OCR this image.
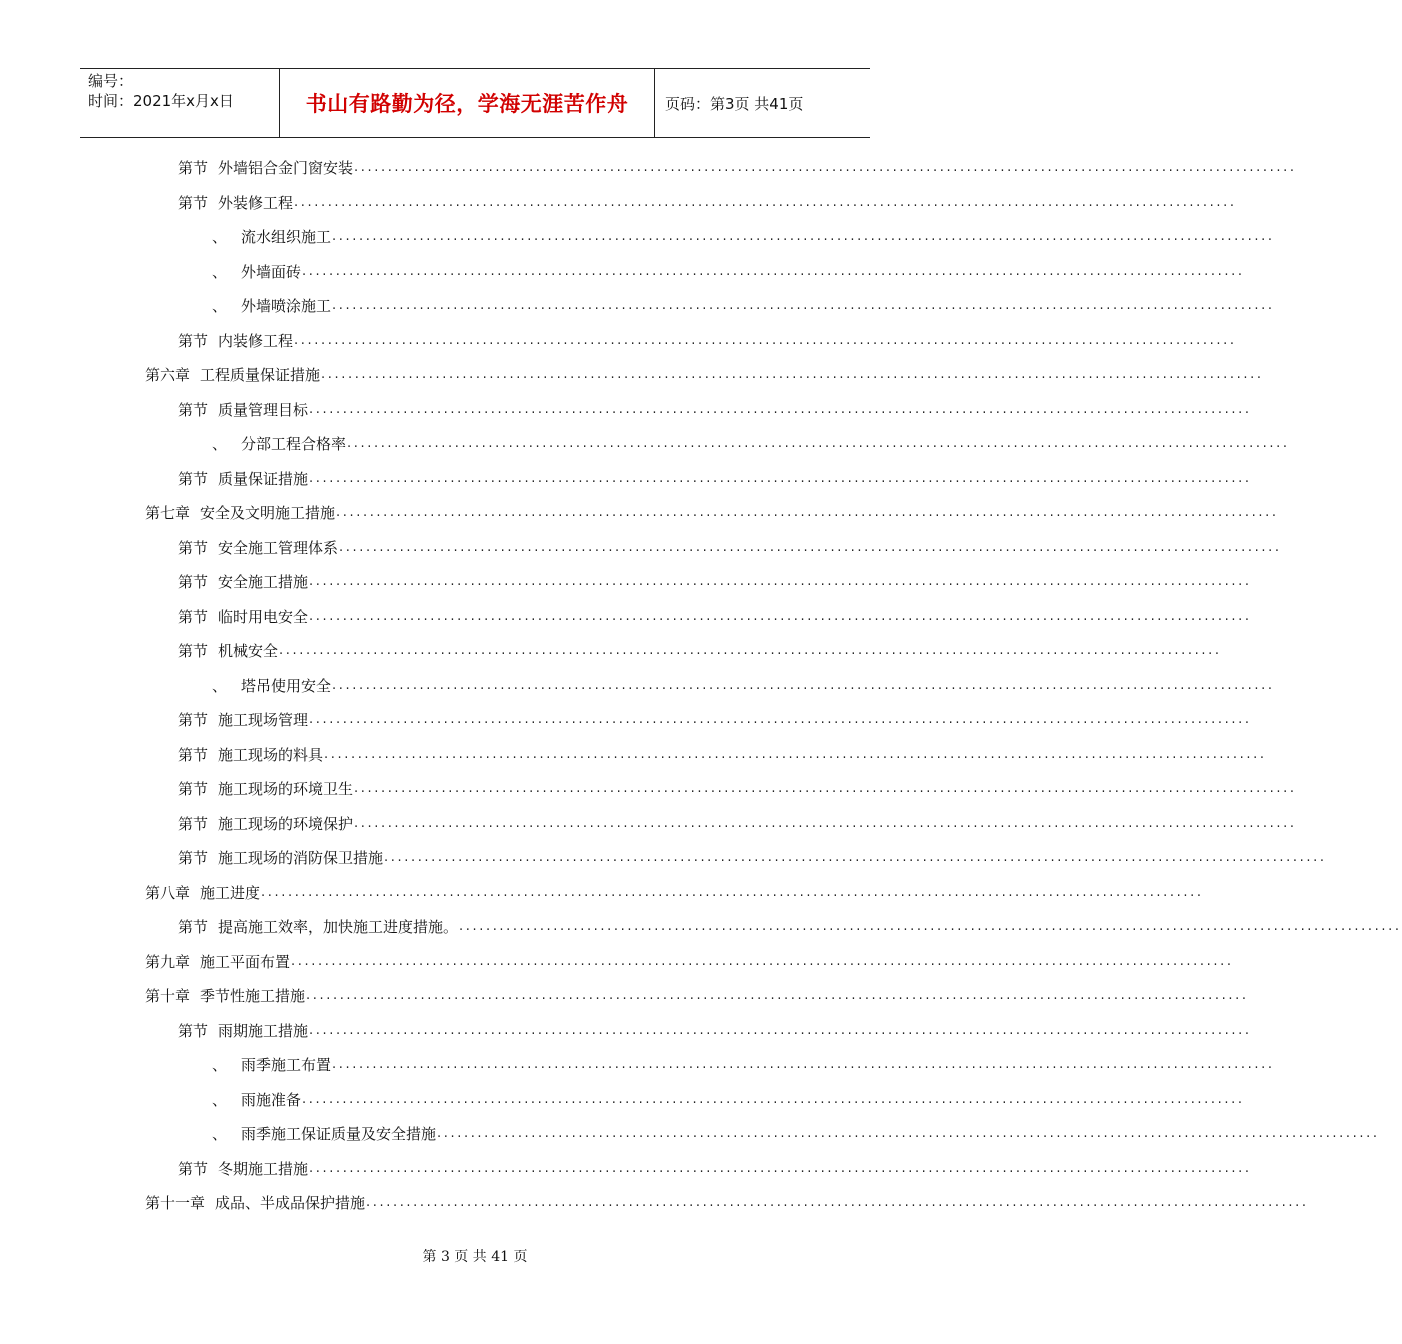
编号：
时间：2021年x月x日	书山有路勤为径，学海无涯苦作舟	页码：第3页 共41页
第节 外墙铝合金门窗安装 ............................................................................................................................................
第节 外装修工程 ............................................................................................................................................
、 流水组织施工 ............................................................................................................................................
、 外墙面砖 ............................................................................................................................................
、 外墙喷涂施工 ............................................................................................................................................
第节 内装修工程 ............................................................................................................................................
第六章 工程质量保证措施 ............................................................................................................................................
第节 质量管理目标 ............................................................................................................................................
、 分部工程合格率 ............................................................................................................................................
第节 质量保证措施 ............................................................................................................................................
第七章 安全及文明施工措施 ............................................................................................................................................
第节 安全施工管理体系 ............................................................................................................................................
第节 安全施工措施 ............................................................................................................................................
第节 临时用电安全 ............................................................................................................................................
第节 机械安全 ............................................................................................................................................
、 塔吊使用安全 ............................................................................................................................................
第节 施工现场管理 ............................................................................................................................................
第节 施工现场的料具 ............................................................................................................................................
第节 施工现场的环境卫生 ............................................................................................................................................
第节 施工现场的环境保护 ............................................................................................................................................
第节 施工现场的消防保卫措施 ............................................................................................................................................
第八章 施工进度 ............................................................................................................................................
第节 提高施工效率，加快施工进度措施。 ............................................................................................................................................
第九章 施工平面布置 ............................................................................................................................................
第十章 季节性施工措施 ............................................................................................................................................
第节 雨期施工措施 ............................................................................................................................................
、 雨季施工布置 ............................................................................................................................................
、 雨施准备 ............................................................................................................................................
、 雨季施工保证质量及安全措施 ............................................................................................................................................
第节 冬期施工措施 ............................................................................................................................................
第十一章 成品、半成品保护措施 ............................................................................................................................................
第 3 页 共 41 页
